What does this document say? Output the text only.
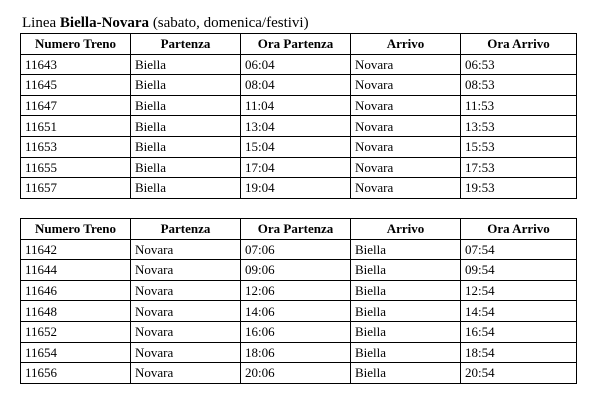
Linea Biella-Novara (sabato, domenica/festivi)
Numero Treno	Partenza	Ora Partenza	Arrivo	Ora Arrivo
11643	Biella	06:04	Novara	06:53
11645	Biella	08:04	Novara	08:53
11647	Biella	11:04	Novara	11:53
11651	Biella	13:04	Novara	13:53
11653	Biella	15:04	Novara	15:53
11655	Biella	17:04	Novara	17:53
11657	Biella	19:04	Novara	19:53
Numero Treno	Partenza	Ora Partenza	Arrivo	Ora Arrivo
11642	Novara	07:06	Biella	07:54
11644	Novara	09:06	Biella	09:54
11646	Novara	12:06	Biella	12:54
11648	Novara	14:06	Biella	14:54
11652	Novara	16:06	Biella	16:54
11654	Novara	18:06	Biella	18:54
11656	Novara	20:06	Biella	20:54
